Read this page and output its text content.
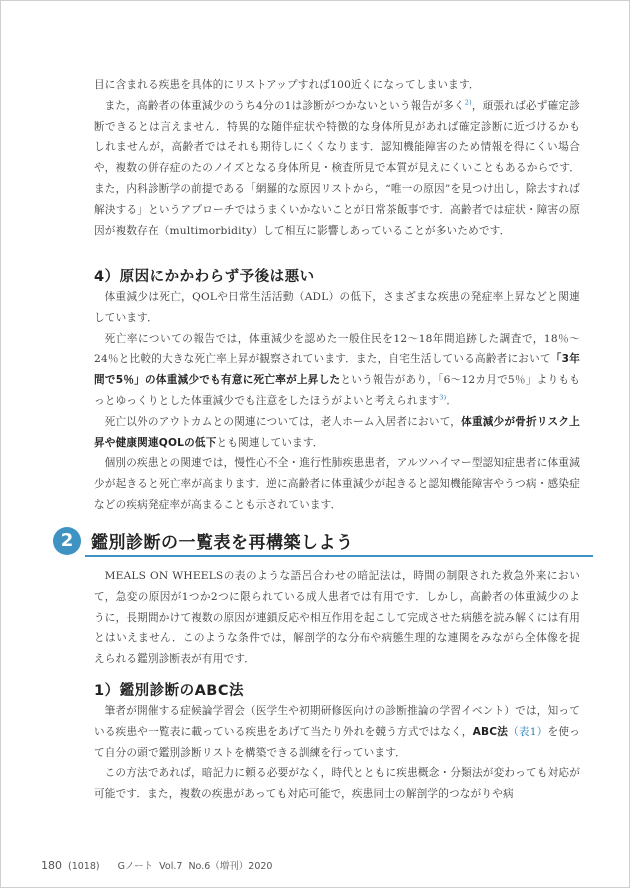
目に含まれる疾患を具体的にリストアップすれば100近くになってしまいます．

また，高齢者の体重減少のうち4分の1は診断がつかないという報告が多く$^{2)}$，頑張れば必ず確定診断できるとは言えません．特異的な随伴症状や特徴的な身体所見があれば確定診断に近づけるかもしれませんが，高齢者ではそれも期待しにくくなります．認知機能障害のため情報を得にくい場合や，複数の併存症のたのノイズとなる身体所見・検査所見で本質が見えにくいこともあるからです．また，内科診断学の前提である「網羅的な原因リストから，“唯一の原因”を見つけ出し，除去すれば解決する」というアプローチではうまくいかないことが日常茶飯事です．高齢者では症状・障害の原因が複数存在（multimorbidity）して相互に影響しあっていることが多いためです．

4）原因にかかわらず予後は悪い

体重減少は死亡，QOLや日常生活活動（ADL）の低下，さまざまな疾患の発症率上昇などと関連しています．

死亡率についての報告では，体重減少を認めた一般住民を12〜18年間追跡した調査で，18％〜24％と比較的大きな死亡率上昇が観察されています．また，自宅生活している高齢者において「3年間で5％」の体重減少でも有意に死亡率が上昇したという報告があり，「6〜12カ月で5％」よりももっとゆっくりとした体重減少でも注意をしたほうがよいと考えられます$^{3)}$．

死亡以外のアウトカムとの関連については，老人ホーム入居者において，体重減少が骨折リスク上昇や健康関連QOLの低下とも関連しています．

個別の疾患との関連では，慢性心不全・進行性肺疾患患者，アルツハイマー型認知症患者に体重減少が起きると死亡率が高まります．逆に高齢者に体重減少が起きると認知機能障害やうつ病・感染症などの疾病発症率が高まることも示されています．

2	鑑別診断の一覧表を再構築しよう

MEALS ON WHEELSの表のような語呂合わせの暗記法は，時間の制限された救急外来において，急変の原因が1つか2つに限られている成人患者では有用です．しかし，高齢者の体重減少のように，長期間かけて複数の原因が連鎖反応や相互作用を起こして完成させた病態を読み解くには有用とはいえません．このような条件では，解剖学的な分布や病態生理的な連関をみながら全体像を捉えられる鑑別診断表が有用です．

1）鑑別診断のABC法

筆者が開催する症候論学習会（医学生や初期研修医向けの診断推論の学習イベント）では，知っている疾患や一覧表に載っている疾患をあげて当たり外れを競う方式ではなく，ABC法（表1）を使って自分の頭で鑑別診断リストを構築できる訓練を行っています．

この方法であれば，暗記力に頼る必要がなく，時代とともに疾患概念・分類法が変わっても対応が可能です．また，複数の疾患があっても対応可能で，疾患同士の解剖学的つながりや病

180 (1018) Gノート Vol.7 No.6（増刊）2020
